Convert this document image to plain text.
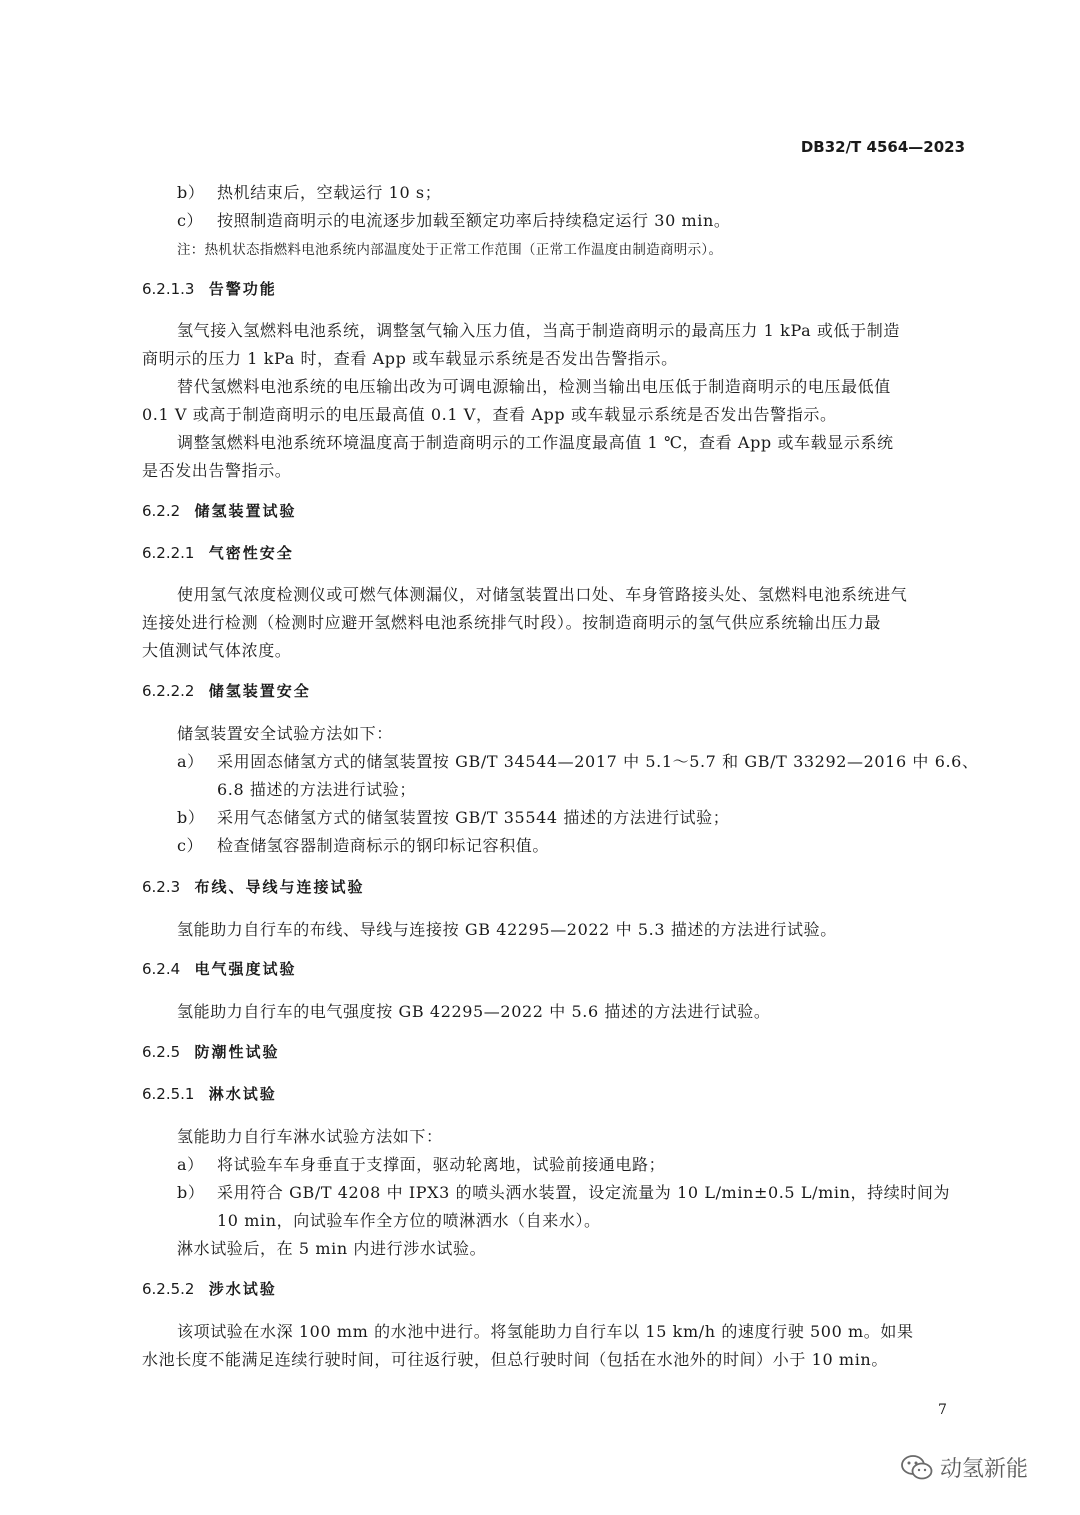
DB32/T 4564—2023
b） 热机结束后，空载运行 10 s；
c） 按照制造商明示的电流逐步加载至额定功率后持续稳定运行 30 min。
注：热机状态指燃料电池系统内部温度处于正常工作范围（正常工作温度由制造商明示）。
6.2.1.3 告警功能
氢气接入氢燃料电池系统，调整氢气输入压力值，当高于制造商明示的最高压力 1 kPa 或低于制造
商明示的压力 1 kPa 时，查看 App 或车载显示系统是否发出告警指示。
替代氢燃料电池系统的电压输出改为可调电源输出，检测当输出电压低于制造商明示的电压最低值
0.1 V 或高于制造商明示的电压最高值 0.1 V，查看 App 或车载显示系统是否发出告警指示。
调整氢燃料电池系统环境温度高于制造商明示的工作温度最高值 1 ℃，查看 App 或车载显示系统
是否发出告警指示。
6.2.2 储氢装置试验
6.2.2.1 气密性安全
使用氢气浓度检测仪或可燃气体测漏仪，对储氢装置出口处、车身管路接头处、氢燃料电池系统进气
连接处进行检测（检测时应避开氢燃料电池系统排气时段）。按制造商明示的氢气供应系统输出压力最
大值测试气体浓度。
6.2.2.2 储氢装置安全
储氢装置安全试验方法如下：
a） 采用固态储氢方式的储氢装置按 GB/T 34544—2017 中 5.1～5.7 和 GB/T 33292—2016 中 6.6、
6.8 描述的方法进行试验；
b） 采用气态储氢方式的储氢装置按 GB/T 35544 描述的方法进行试验；
c） 检查储氢容器制造商标示的钢印标记容积值。
6.2.3 布线、导线与连接试验
氢能助力自行车的布线、导线与连接按 GB 42295—2022 中 5.3 描述的方法进行试验。
6.2.4 电气强度试验
氢能助力自行车的电气强度按 GB 42295—2022 中 5.6 描述的方法进行试验。
6.2.5 防潮性试验
6.2.5.1 淋水试验
氢能助力自行车淋水试验方法如下：
a） 将试验车车身垂直于支撑面，驱动轮离地，试验前接通电路；
b） 采用符合 GB/T 4208 中 IPX3 的喷头洒水装置，设定流量为 10 L/min±0.5 L/min，持续时间为
10 min，向试验车作全方位的喷淋洒水（自来水）。
淋水试验后，在 5 min 内进行涉水试验。
6.2.5.2 涉水试验
该项试验在水深 100 mm 的水池中进行。将氢能助力自行车以 15 km/h 的速度行驶 500 m。如果
水池长度不能满足连续行驶时间，可往返行驶，但总行驶时间（包括在水池外的时间）小于 10 min。
7
动氢新能
